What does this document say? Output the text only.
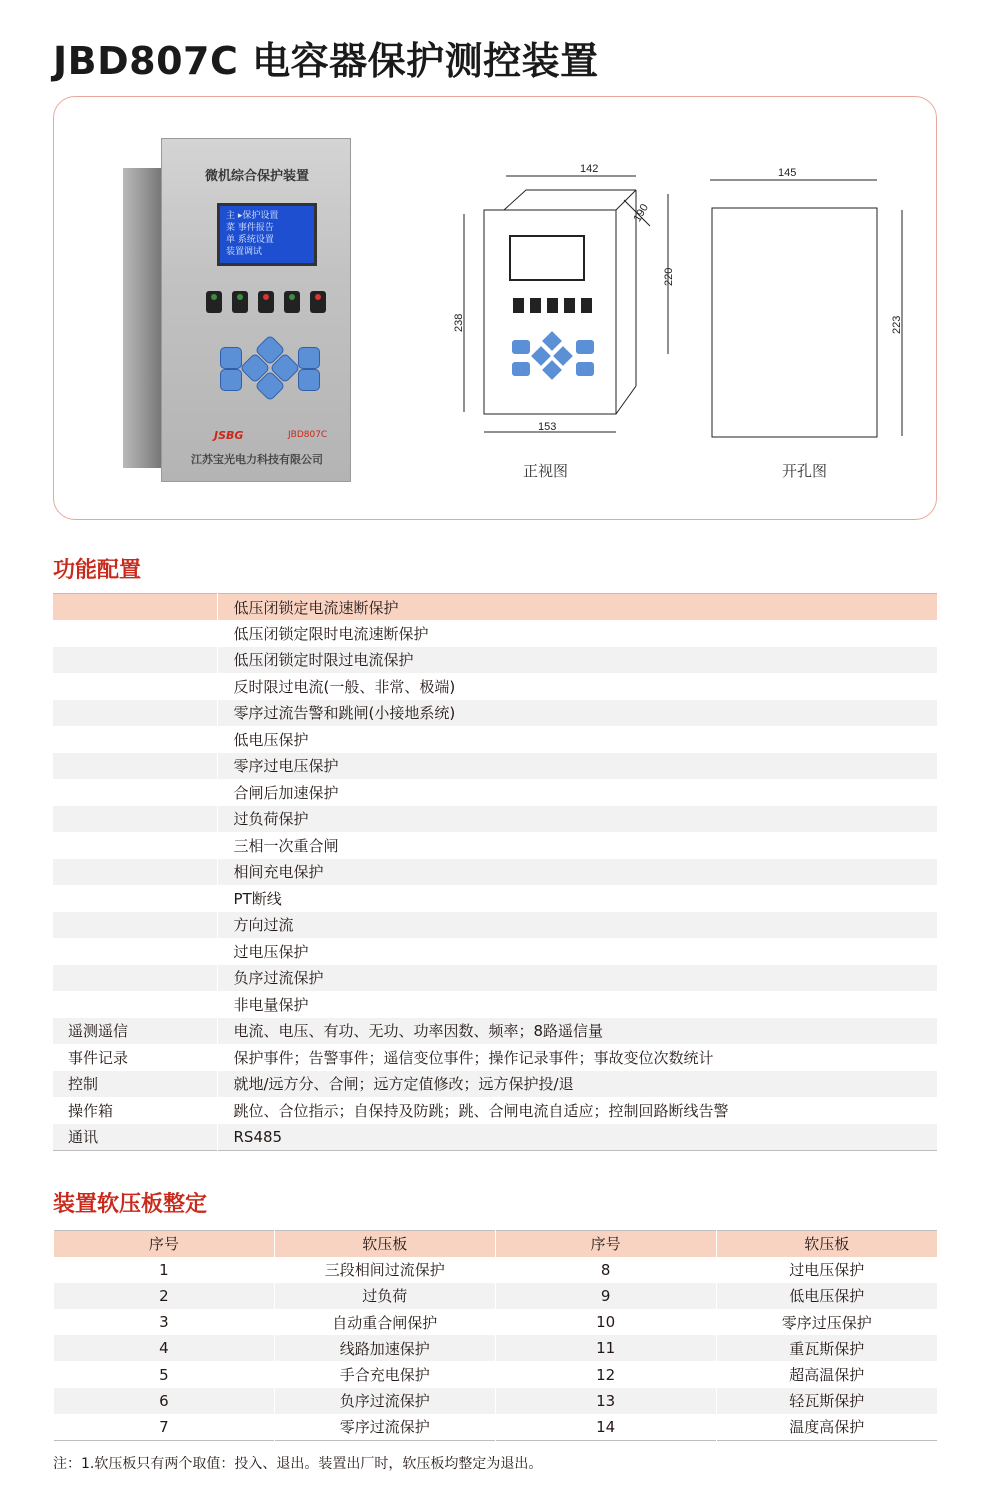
JBD807C 电容器保护测控装置
微机综合保护装置
主 ▸保护设置
菜 事件报告
单 系统设置
装置调试
JSBG	JBD807C
江苏宝光电力科技有限公司
142
190
220
238
153
145
223
正视图	开孔图
功能配置
	低压闭锁定电流速断保护
	低压闭锁定限时电流速断保护
	低压闭锁定时限过电流保护
	反时限过电流(一般、非常、极端)
	零序过流告警和跳闸(小接地系统)
	低电压保护
	零序过电压保护
	合闸后加速保护
	过负荷保护
	三相一次重合闸
	相间充电保护
	PT断线
	方向过流
	过电压保护
	负序过流保护
	非电量保护
遥测遥信	电流、电压、有功、无功、功率因数、频率；8路遥信量
事件记录	保护事件；告警事件；遥信变位事件；操作记录事件；事故变位次数统计
控制	就地/远方分、合闸；远方定值修改；远方保护投/退
操作箱	跳位、合位指示；自保持及防跳；跳、合闸电流自适应；控制回路断线告警
通讯	RS485
装置软压板整定
序号	软压板	序号	软压板
1	三段相间过流保护	8	过电压保护
2	过负荷	9	低电压保护
3	自动重合闸保护	10	零序过压保护
4	线路加速保护	11	重瓦斯保护
5	手合充电保护	12	超高温保护
6	负序过流保护	13	轻瓦斯保护
7	零序过流保护	14	温度高保护
注：1.软压板只有两个取值：投入、退出。装置出厂时，软压板均整定为退出。
